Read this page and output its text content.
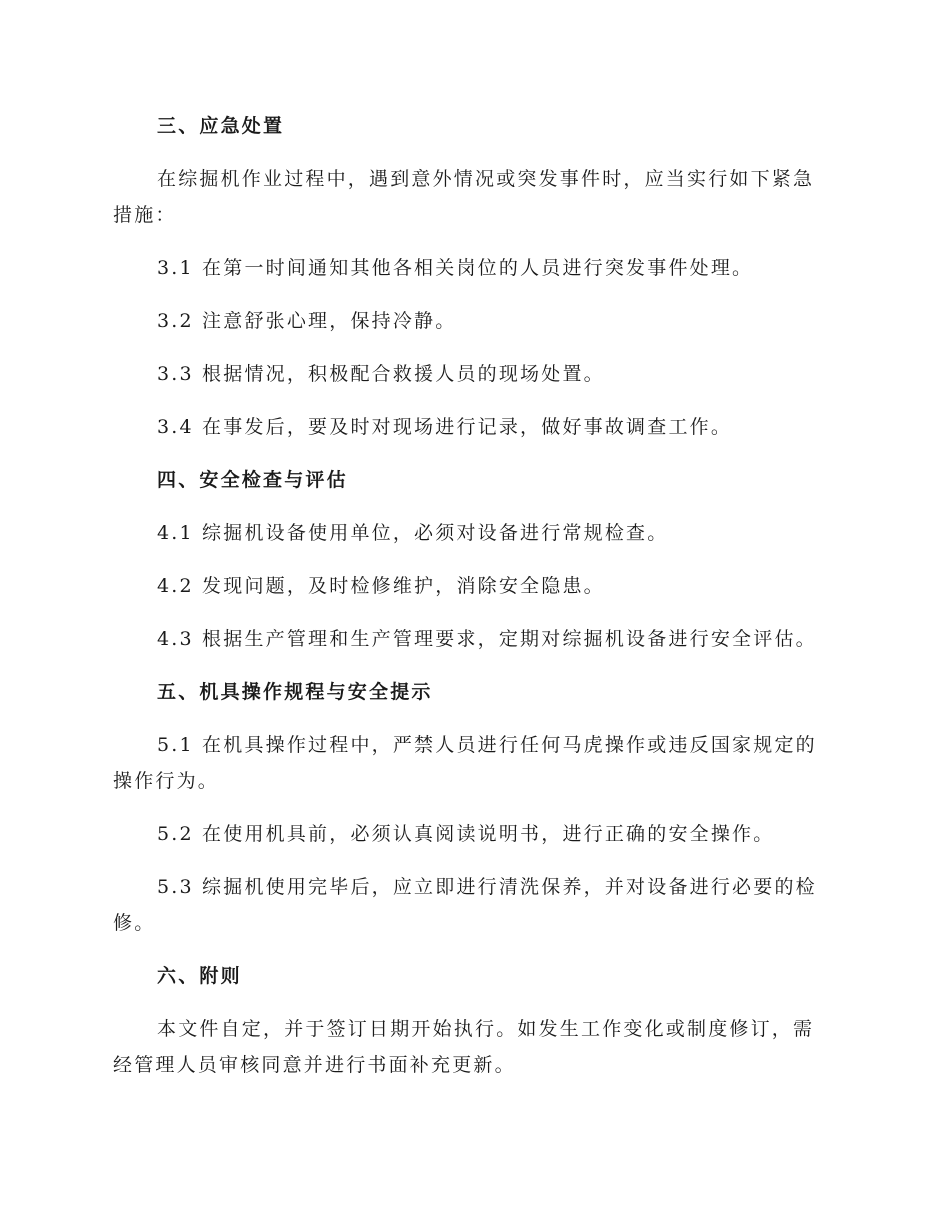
三、应急处置
在综掘机作业过程中，遇到意外情况或突发事件时，应当实行如下紧急
措施：
3.1 在第一时间通知其他各相关岗位的人员进行突发事件处理。
3.2 注意舒张心理，保持冷静。
3.3 根据情况，积极配合救援人员的现场处置。
3.4 在事发后，要及时对现场进行记录，做好事故调查工作。
四、安全检查与评估
4.1 综掘机设备使用单位，必须对设备进行常规检查。
4.2 发现问题，及时检修维护，消除安全隐患。
4.3 根据生产管理和生产管理要求，定期对综掘机设备进行安全评估。
五、机具操作规程与安全提示
5.1 在机具操作过程中，严禁人员进行任何马虎操作或违反国家规定的
操作行为。
5.2 在使用机具前，必须认真阅读说明书，进行正确的安全操作。
5.3 综掘机使用完毕后，应立即进行清洗保养，并对设备进行必要的检
修。
六、附则
本文件自定，并于签订日期开始执行。如发生工作变化或制度修订，需
经管理人员审核同意并进行书面补充更新。
